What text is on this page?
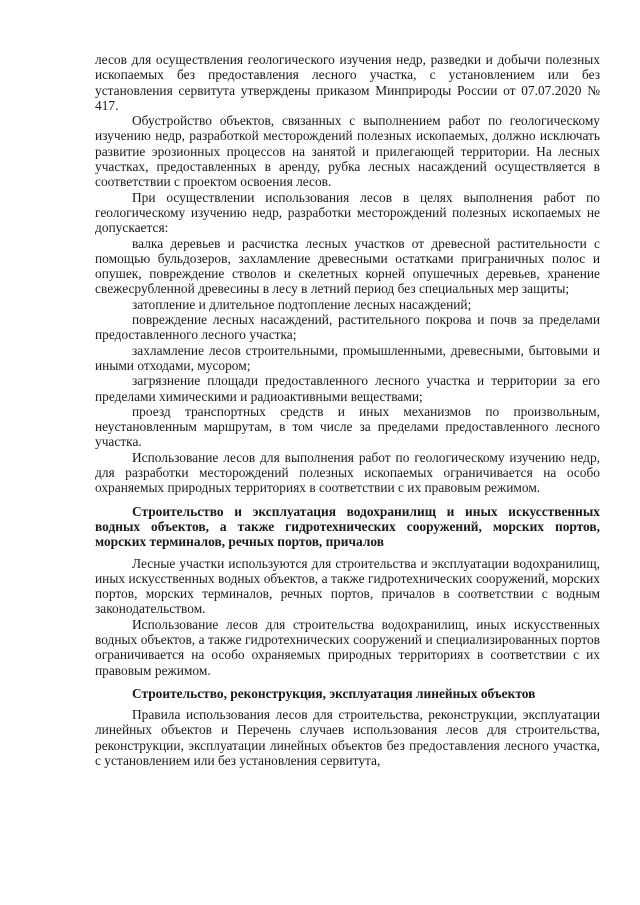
лесов для осуществления геологического изучения недр, разведки и добычи полезных ископаемых без предоставления лесного участка, с установлением или без установления сервитута утверждены приказом Минприроды России от 07.07.2020 № 417.

Обустройство объектов, связанных с выполнением работ по геологическому изучению недр, разработкой месторождений полезных ископаемых, должно исключать развитие эрозионных процессов на занятой и прилегающей территории. На лесных участках, предоставленных в аренду, рубка лесных насаждений осуществляется в соответствии с проектом освоения лесов.

При осуществлении использования лесов в целях выполнения работ по геологическому изучению недр, разработки месторождений полезных ископаемых не допускается:

валка деревьев и расчистка лесных участков от древесной растительности с помощью бульдозеров, захламление древесными остатками приграничных полос и опушек, повреждение стволов и скелетных корней опушечных деревьев, хранение свежесрубленной древесины в лесу в летний период без специальных мер защиты;

затопление и длительное подтопление лесных насаждений;

повреждение лесных насаждений, растительного покрова и почв за пределами предоставленного лесного участка;

захламление лесов строительными, промышленными, древесными, бытовыми и иными отходами, мусором;

загрязнение площади предоставленного лесного участка и территории за его пределами химическими и радиоактивными веществами;

проезд транспортных средств и иных механизмов по произвольным, неустановленным маршрутам, в том числе за пределами предоставленного лесного участка.

Использование лесов для выполнения работ по геологическому изучению недр, для разработки месторождений полезных ископаемых ограничивается на особо охраняемых природных территориях в соответствии с их правовым режимом.

Строительство и эксплуатация водохранилищ и иных искусственных водных объектов, а также гидротехнических сооружений, морских портов, морских терминалов, речных портов, причалов

Лесные участки используются для строительства и эксплуатации водохранилищ, иных искусственных водных объектов, а также гидротехнических сооружений, морских портов, морских терминалов, речных портов, причалов в соответствии с водным законодательством.

Использование лесов для строительства водохранилищ, иных искусственных водных объектов, а также гидротехнических сооружений и специализированных портов ограничивается на особо охраняемых природных территориях в соответствии с их правовым режимом.

Строительство, реконструкция, эксплуатация линейных объектов

Правила использования лесов для строительства, реконструкции, эксплуатации линейных объектов и Перечень случаев использования лесов для строительства, реконструкции, эксплуатации линейных объектов без предоставления лесного участка, с установлением или без установления сервитута,
